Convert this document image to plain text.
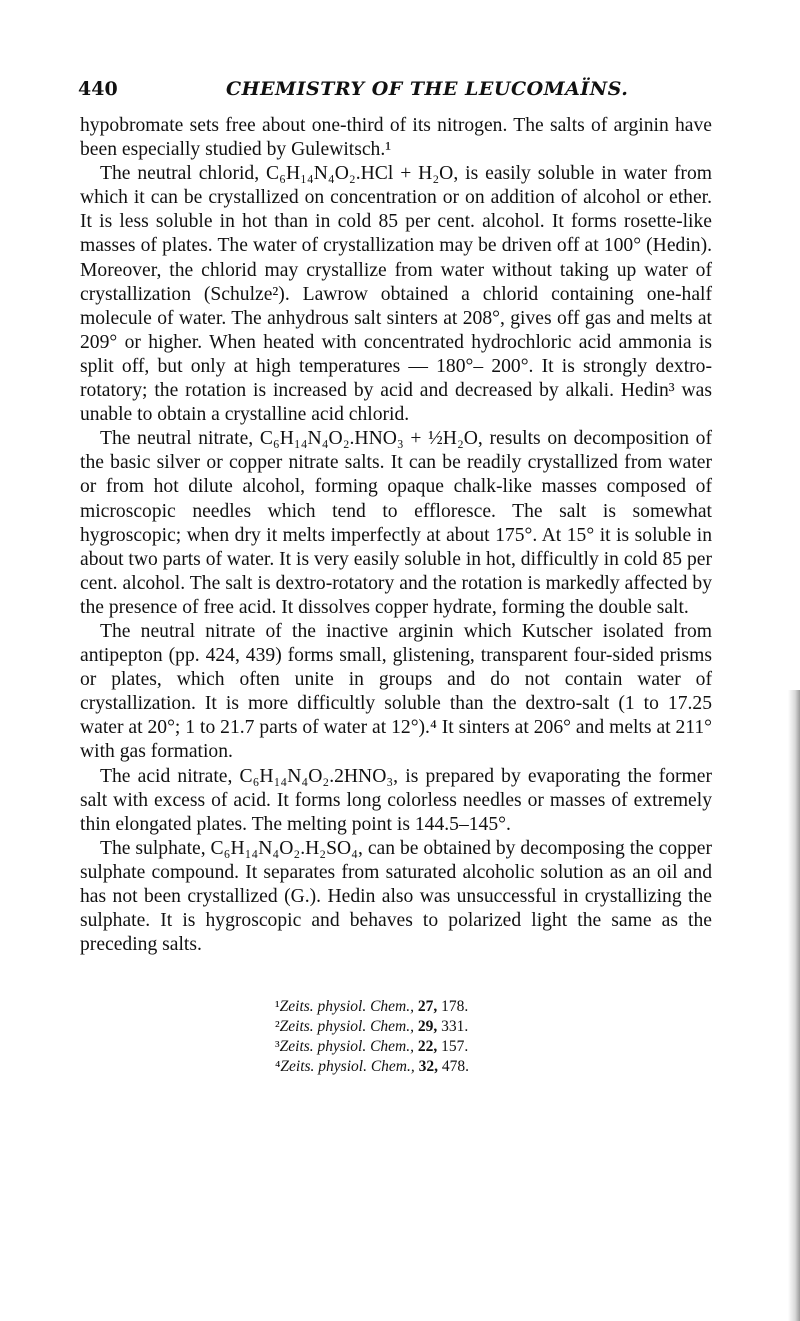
440	CHEMISTRY OF THE LEUCOMAÏNS.

hypobromate sets free about one-third of its nitrogen. The salts of arginin have been especially studied by Gulewitsch.¹

The neutral chlorid, C₆H₁₄N₄O₂.HCl + H₂O, is easily soluble in water from which it can be crystallized on concentration or on addition of alcohol or ether. It is less soluble in hot than in cold 85 per cent. alcohol. It forms rosette-like masses of plates. The water of crystallization may be driven off at 100° (Hedin). Moreover, the chlorid may crystallize from water without taking up water of crystallization (Schulze²). Lawrow obtained a chlorid containing one-half molecule of water. The anhydrous salt sinters at 208°, gives off gas and melts at 209° or higher. When heated with concentrated hydrochloric acid ammonia is split off, but only at high temperatures — 180°– 200°. It is strongly dextro-rotatory; the rotation is increased by acid and decreased by alkali. Hedin³ was unable to obtain a crystalline acid chlorid.

The neutral nitrate, C₆H₁₄N₄O₂.HNO₃ + ½H₂O, results on decomposition of the basic silver or copper nitrate salts. It can be readily crystallized from water or from hot dilute alcohol, forming opaque chalk-like masses composed of microscopic needles which tend to effloresce. The salt is somewhat hygroscopic; when dry it melts imperfectly at about 175°. At 15° it is soluble in about two parts of water. It is very easily soluble in hot, difficultly in cold 85 per cent. alcohol. The salt is dextro-rotatory and the rotation is markedly affected by the presence of free acid. It dissolves copper hydrate, forming the double salt.

The neutral nitrate of the inactive arginin which Kutscher isolated from antipepton (pp. 424, 439) forms small, glistening, transparent four-sided prisms or plates, which often unite in groups and do not contain water of crystallization. It is more difficultly soluble than the dextro-salt (1 to 17.25 water at 20°; 1 to 21.7 parts of water at 12°).⁴ It sinters at 206° and melts at 211° with gas formation.

The acid nitrate, C₆H₁₄N₄O₂.2HNO₃, is prepared by evaporating the former salt with excess of acid. It forms long colorless needles or masses of extremely thin elongated plates. The melting point is 144.5–145°.

The sulphate, C₆H₁₄N₄O₂.H₂SO₄, can be obtained by decomposing the copper sulphate compound. It separates from saturated alcoholic solution as an oil and has not been crystallized (G.). Hedin also was unsuccessful in crystallizing the sulphate. It is hygroscopic and behaves to polarized light the same as the preceding salts.

¹Zeits. physiol. Chem., 27, 178.
²Zeits. physiol. Chem., 29, 331.
³Zeits. physiol. Chem., 22, 157.
⁴Zeits. physiol. Chem., 32, 478.
